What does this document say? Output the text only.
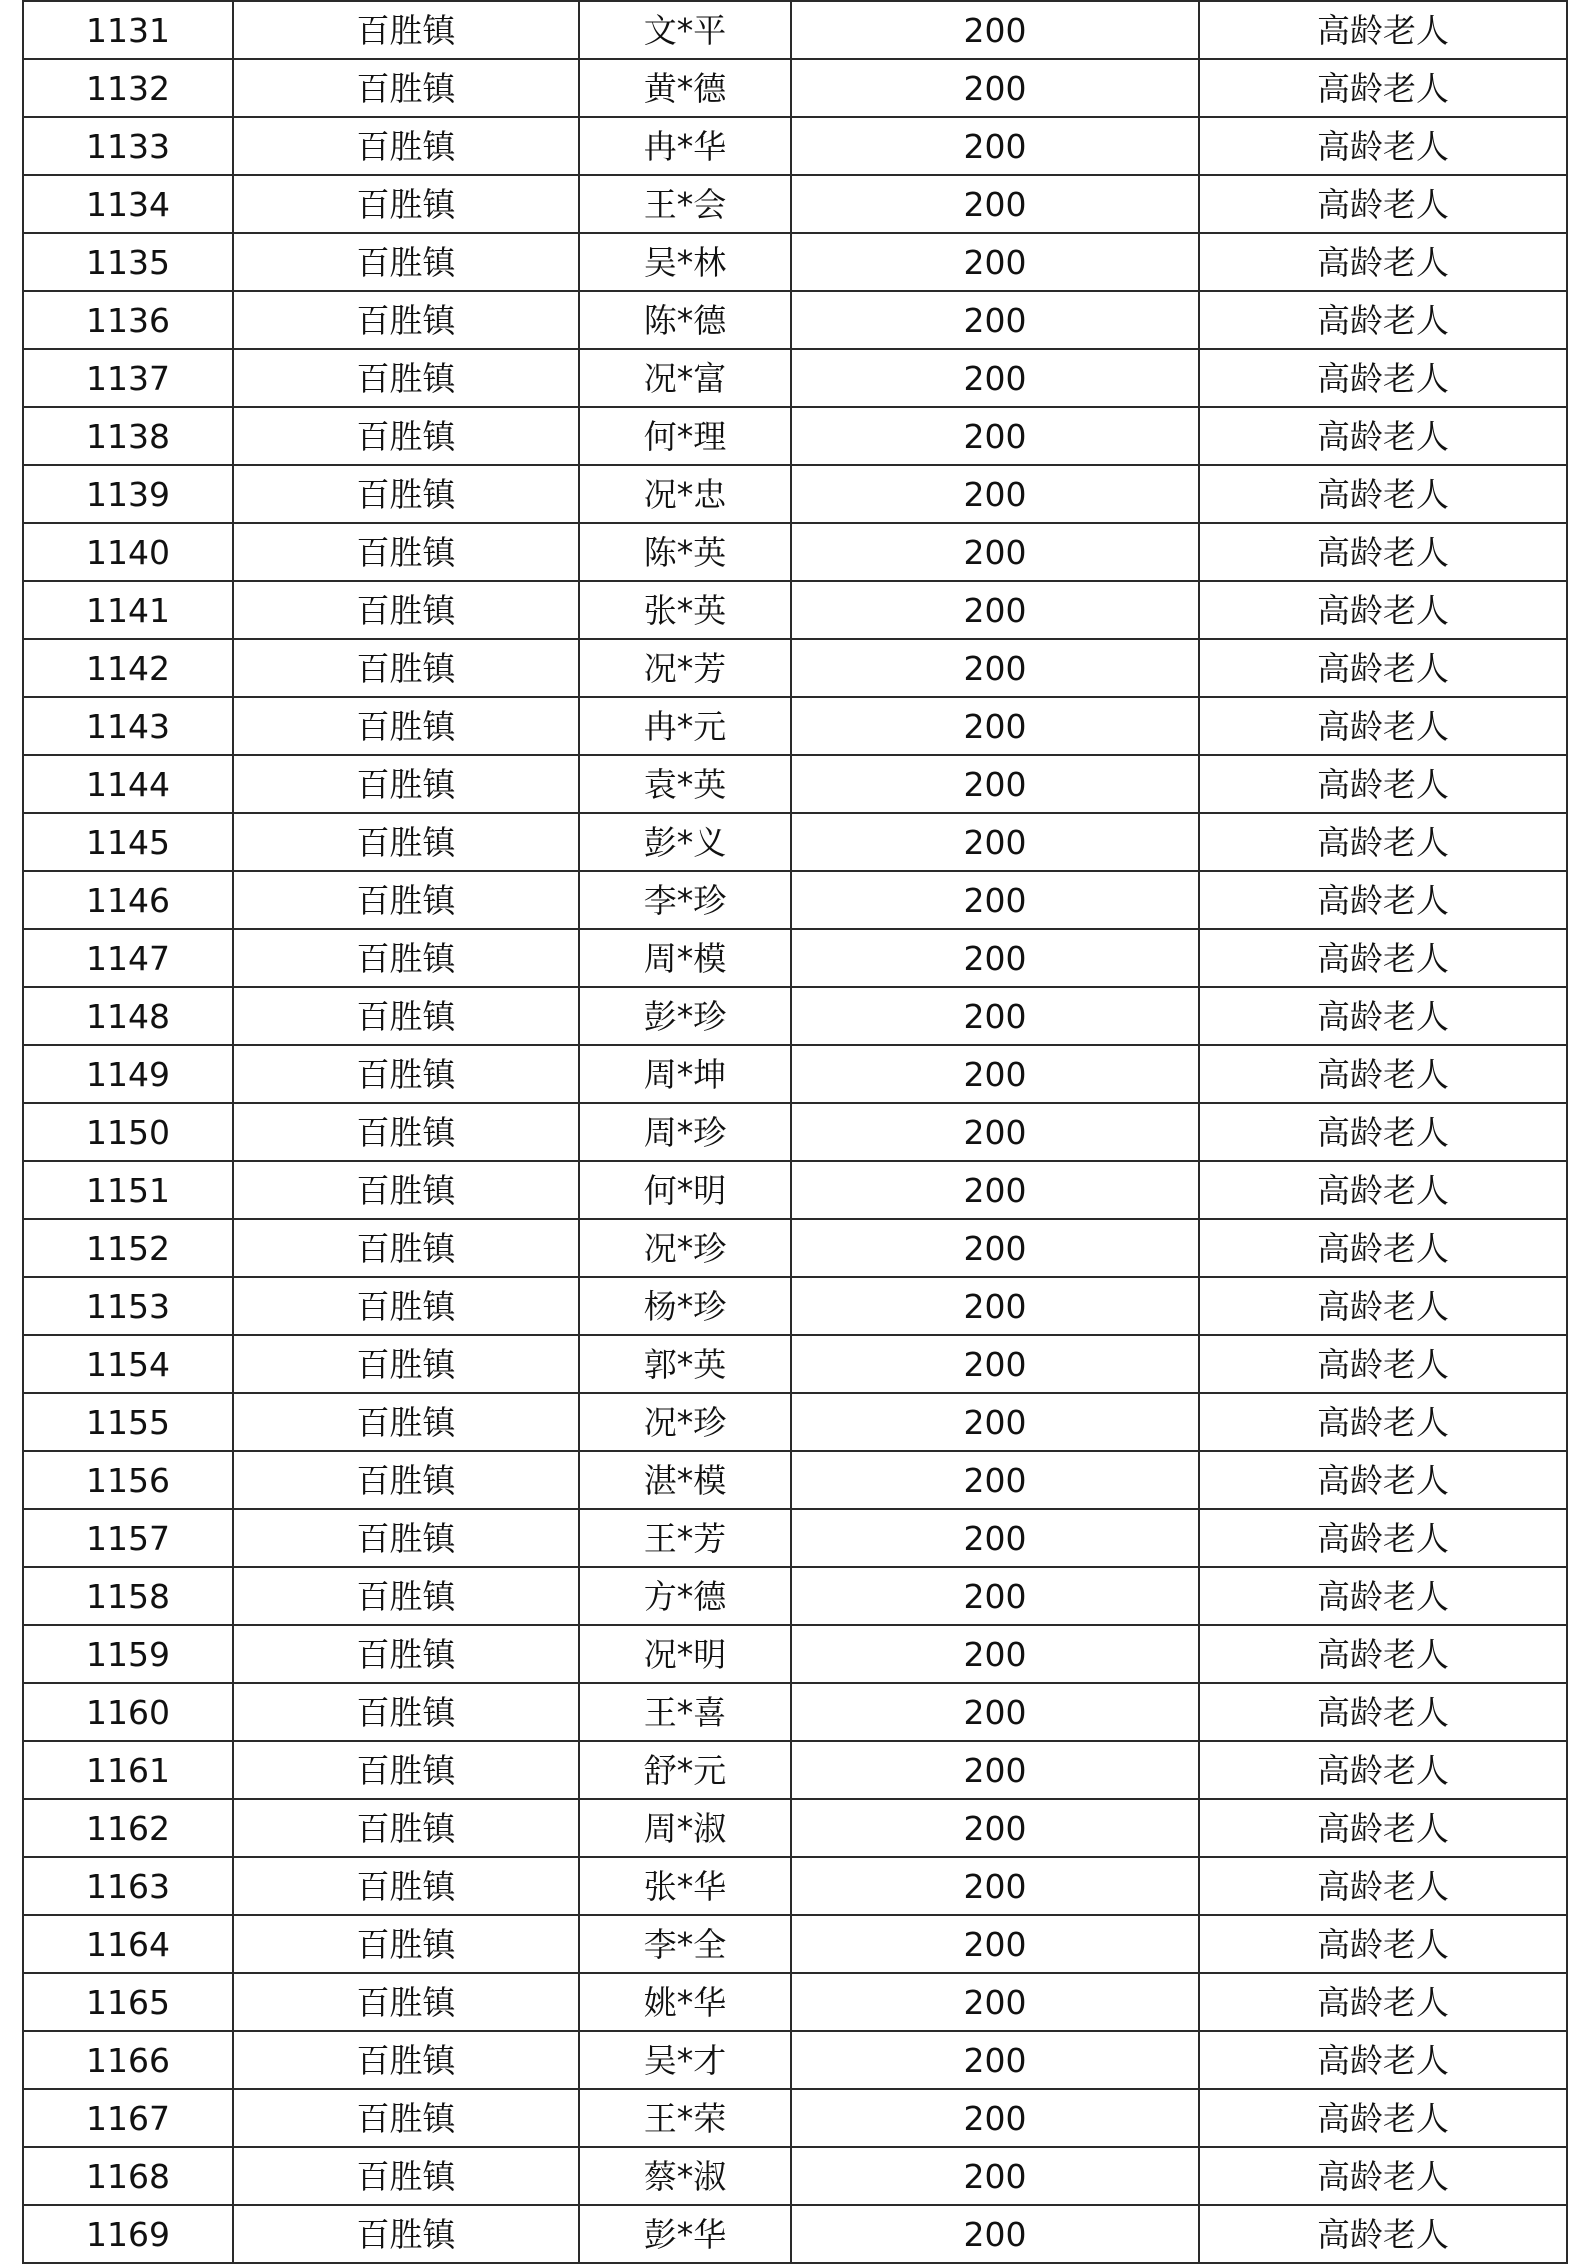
1131	百胜镇	文*平	200	高龄老人
1132	百胜镇	黄*德	200	高龄老人
1133	百胜镇	冉*华	200	高龄老人
1134	百胜镇	王*会	200	高龄老人
1135	百胜镇	吴*林	200	高龄老人
1136	百胜镇	陈*德	200	高龄老人
1137	百胜镇	况*富	200	高龄老人
1138	百胜镇	何*理	200	高龄老人
1139	百胜镇	况*忠	200	高龄老人
1140	百胜镇	陈*英	200	高龄老人
1141	百胜镇	张*英	200	高龄老人
1142	百胜镇	况*芳	200	高龄老人
1143	百胜镇	冉*元	200	高龄老人
1144	百胜镇	袁*英	200	高龄老人
1145	百胜镇	彭*义	200	高龄老人
1146	百胜镇	李*珍	200	高龄老人
1147	百胜镇	周*模	200	高龄老人
1148	百胜镇	彭*珍	200	高龄老人
1149	百胜镇	周*坤	200	高龄老人
1150	百胜镇	周*珍	200	高龄老人
1151	百胜镇	何*明	200	高龄老人
1152	百胜镇	况*珍	200	高龄老人
1153	百胜镇	杨*珍	200	高龄老人
1154	百胜镇	郭*英	200	高龄老人
1155	百胜镇	况*珍	200	高龄老人
1156	百胜镇	湛*模	200	高龄老人
1157	百胜镇	王*芳	200	高龄老人
1158	百胜镇	方*德	200	高龄老人
1159	百胜镇	况*明	200	高龄老人
1160	百胜镇	王*喜	200	高龄老人
1161	百胜镇	舒*元	200	高龄老人
1162	百胜镇	周*淑	200	高龄老人
1163	百胜镇	张*华	200	高龄老人
1164	百胜镇	李*全	200	高龄老人
1165	百胜镇	姚*华	200	高龄老人
1166	百胜镇	吴*才	200	高龄老人
1167	百胜镇	王*荣	200	高龄老人
1168	百胜镇	蔡*淑	200	高龄老人
1169	百胜镇	彭*华	200	高龄老人
